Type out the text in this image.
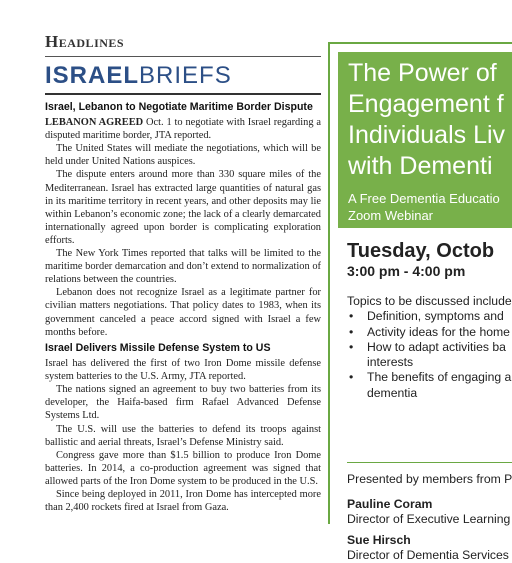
Headlines
ISRAELBRIEFS
Israel, Lebanon to Negotiate Maritime Border Dispute

LEBANON AGREED Oct. 1 to negotiate with Israel regarding a disputed maritime border, JTA reported.

The United States will mediate the negotiations, which will be held under United Nations auspices.

The dispute enters around more than 330 square miles of the Mediterranean. Israel has extracted large quantities of natural gas in its maritime territory in recent years, and other deposits may lie within Lebanon’s economic zone; the lack of a clearly demarcated internationally agreed upon border is complicating exploration efforts.

The New York Times reported that talks will be limited to the maritime border demarcation and don’t extend to normalization of relations between the countries.

Lebanon does not recognize Israel as a legitimate partner for civilian matters negotiations. That policy dates to 1983, when its government canceled a peace accord signed with Israel a few months before.

Israel Delivers Missile Defense System to US

Israel has delivered the first of two Iron Dome missile defense system batteries to the U.S. Army, JTA reported.

The nations signed an agreement to buy two batteries from its developer, the Haifa-based firm Rafael Advanced Defense Systems Ltd.

The U.S. will use the batteries to defend its troops against ballistic and aerial threats, Israel’s Defense Ministry said.

Congress gave more than $1.5 billion to produce Iron Dome batteries. In 2014, a co-production agreement was signed that allowed parts of the Iron Dome system to be produced in the U.S.

Since being deployed in 2011, Iron Dome has intercepted more than 2,400 rockets fired at Israel from Gaza.

The Power of
Engagement f
Individuals Liv
with Dementi
A Free Dementia Educatio
Zoom Webinar
Tuesday, Octob
3:00 pm - 4:00 pm
Topics to be discussed include
• Definition, symptoms and
• Activity ideas for the home
• How to adapt activities ba
interests
• The benefits of engaging a
dementia
Presented by members from P
Pauline Coram
Director of Executive Learning
Sue Hirsch
Director of Dementia Services
